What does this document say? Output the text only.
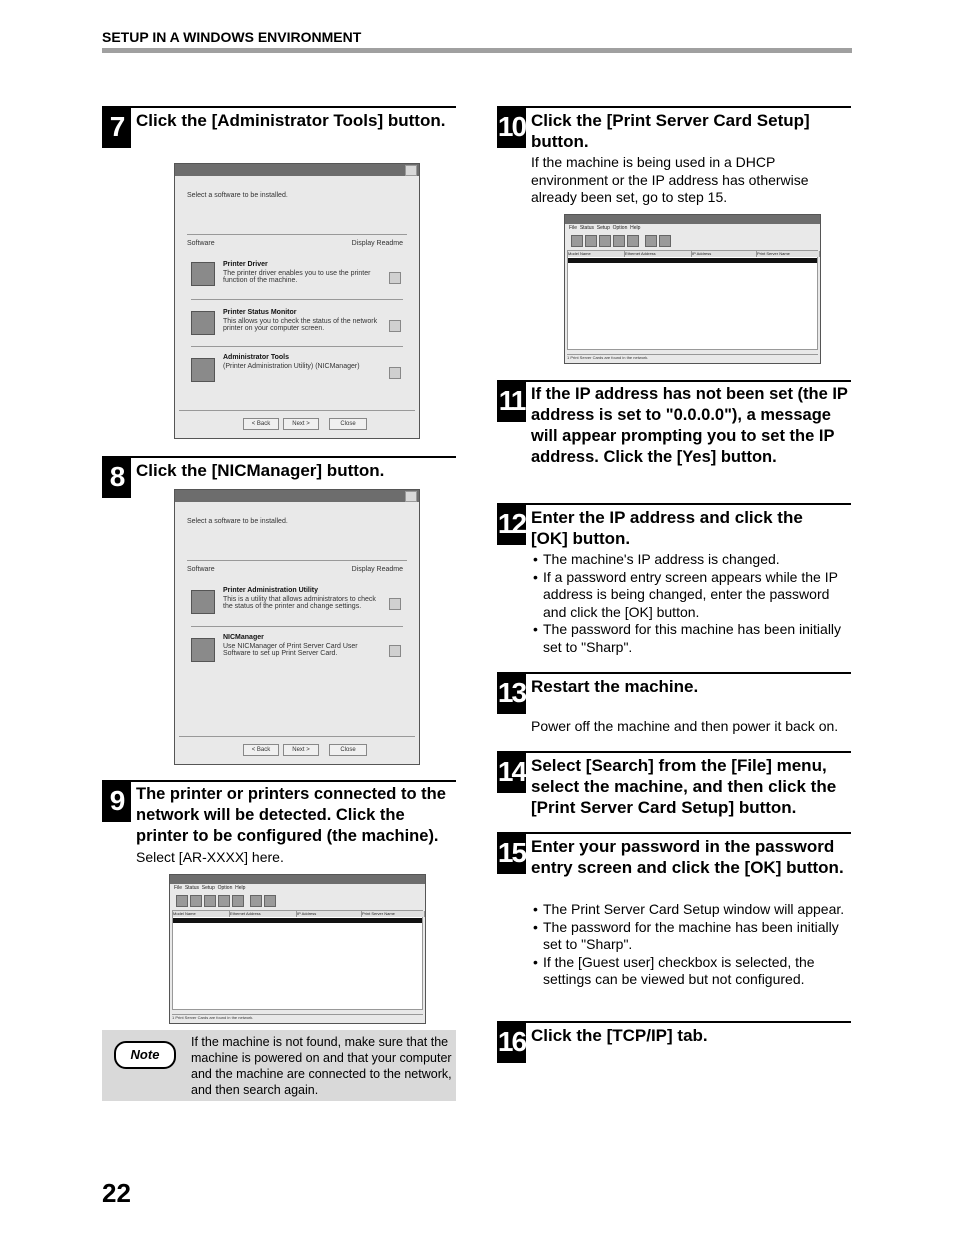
SETUP IN A WINDOWS ENVIRONMENT
7 Click the [Administrator Tools] button.
Select a software to be installed.
Software	Display Readme
Printer Driver
The printer driver enables you to use the printer function of the machine.
Printer Status Monitor
This allows you to check the status of the network printer on your computer screen.
Administrator Tools
(Printer Administration Utility) (NICManager)
< Back	Next >	Close
8 Click the [NICManager] button.
Select a software to be installed.
Software	Display Readme
Printer Administration Utility
This is a utility that allows administrators to check the status of the printer and change settings.
NICManager
Use NICManager of Print Server Card User Software to set up Print Server Card.
< Back	Next >	Close
9 The printer or printers connected to the network will be detected. Click the printer to be configured (the machine).
Select [AR-XXXX] here.
File  Status  Setup  Option  Help
Model Name	Ethernet Address	IP Address	Print Server Name
1 Print Server Cards are found in the network.
Note
If the machine is not found, make sure that the machine is powered on and that your computer and the machine are connected to the network, and then search again.
10 Click the [Print Server Card Setup] button.
If the machine is being used in a DHCP environment or the IP address has otherwise already been set, go to step 15.
File  Status  Setup  Option  Help
Model Name	Ethernet Address	IP Address	Print Server Name
1 Print Server Cards are found in the network.
11 If the IP address has not been set (the IP address is set to "0.0.0.0"), a message will appear prompting you to set the IP address. Click the [Yes] button.
12 Enter the IP address and click the [OK] button.
• The machine's IP address is changed.
• If a password entry screen appears while the IP address is being changed, enter the password and click the [OK] button.
• The password for this machine has been initially set to "Sharp".
13 Restart the machine.
Power off the machine and then power it back on.
14 Select [Search] from the [File] menu, select the machine, and then click the [Print Server Card Setup] button.
15 Enter your password in the password entry screen and click the [OK] button.
• The Print Server Card Setup window will appear.
• The password for the machine has been initially set to "Sharp".
• If the [Guest user] checkbox is selected, the settings can be viewed but not configured.
16 Click the [TCP/IP] tab.
22
